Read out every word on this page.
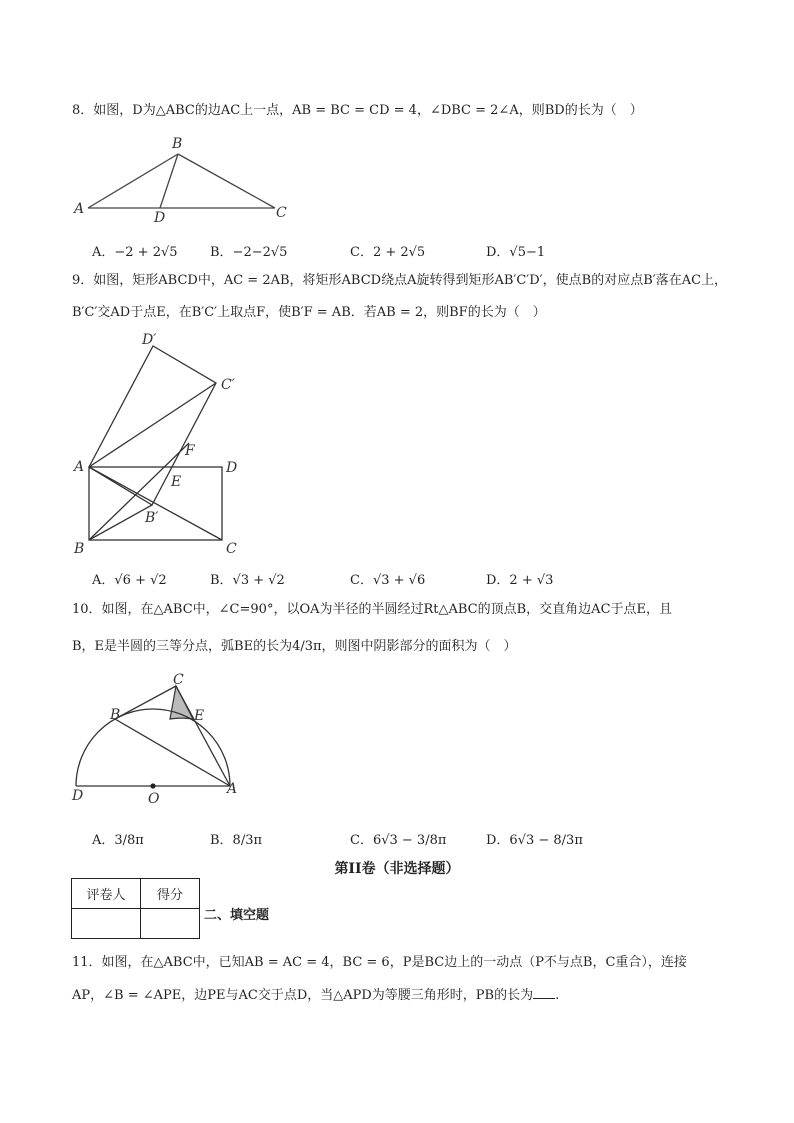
8．如图，D为△ABC的边AC上一点，AB = BC = CD = 4，∠DBC = 2∠A，则BD的长为（　）
B
A
D	C
A．−2 + 2√5 B．−2−2√5	C．2 + 2√5	D．√5−1
9．如图，矩形ABCD中，AC = 2AB，将矩形ABCD绕点A旋转得到矩形AB′C′D′，使点B的对应点B′落在AC上，
B′C′交AD于点E，在B′C′上取点F，使B′F = AB．若AB = 2，则BF的长为（　）
D′
C′
F
A	D
E
B′
B	C
A．√6 + √2	B．√3 + √2	C．√3 + √6	D．2 + √3
10．如图，在△ABC中，∠C=90°，以OA为半径的半圆经过Rt△ABC的顶点B，交直角边AC于点E，且
B，E是半圆的三等分点，弧BE的长为4/3π，则图中阴影部分的面积为（　）
C
B	E
D	O
A
A．3/8π	B．8/3π	C．6√3 − 3/8π	D．6√3 − 8/3π
第II卷（非选择题）
评卷人	得分

二、填空题
11．如图，在△ABC中，已知AB = AC = 4，BC = 6，P是BC边上的一动点（P不与点B，C重合），连接
AP，∠B = ∠APE，边PE与AC交于点D，当△APD为等腰三角形时，PB的长为 .
